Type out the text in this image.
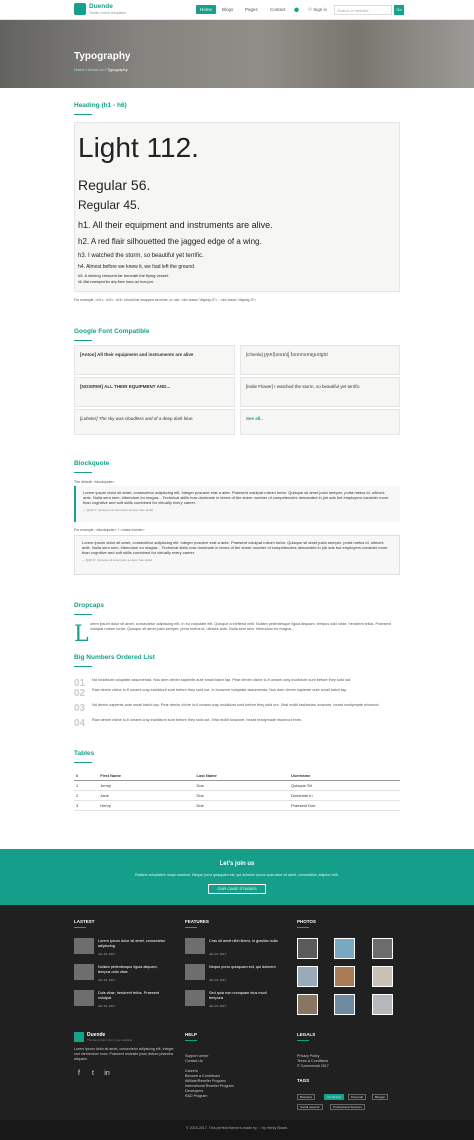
Duende
Visible charm templates
Home	Blogs	Pages	Contact ⬤ ⚇ Sign in	Search in website	Go
Typography
Home / About us / Typography
Heading (h1 - h6)
Light 112.
Regular 56.
Regular 45.
h1. All their equipment and instruments are alive.
h2. A red flair silhouetted the jagged edge of a wing.
h3. I watched the storm, so beautiful yet terrific.
h4. Almost before we knew it, we had left the ground.
h5. A shining crescent far beneath the flying vessel.
h6. Mist enveloped the ship three hours out from port.
For example, <h1>, <h2>, <h3> should be wrapped as inline, or use: <div class="display-3"> , <div class="display-3">
Google Font Compatible
[Anton] All their equipment and instruments are alive	[Chenla] ក្រុមហ៊ុនរបស់ខ្ញុំ ដែលមានការស្រាវជ្រាវ
[NOSIFER] ALL THEIR EQUIPMENT AND...	[Indie Flower] I watched the storm, so beautiful yet terrific
[Lobster] The sky was cloudless and of a deep dark blue.	See all..
Blockquote
The default: <blockquote>
Lorem ipsum dolor sit amet, consectetur adipiscing elit. Integer posuere erat a ante. Praesent volutpat rutrum tortor. Quisque sit amet justo semper, porta metus id, ultrices ante. Nulla sem sem, bibendum eu magna... Technical skills now dominate in terms of the sheer number of competencies demanded in job ads but employers consider more than cognitive and soft skills combined for virtually every career.
— @2017, Quisque sit amet justo semper See detail
For example, <blockquote> + <class=border>
Lorem ipsum dolor sit amet, consectetur adipiscing elit. Integer posuere erat a ante. Praesent volutpat rutrum tortor. Quisque sit amet justo semper, porta metus id, ultrices ante. Nulla sem sem, bibendum eu magna... Technical skills now dominate in terms of the sheer number of competencies demanded in job ads but employers consider more than cognitive and soft skills combined for virtually every career.
— @2017, Quisque sit amet justo semper See detail
Dropcaps
L orem ipsum dolor sit amet, consectetur adipiscing elit. In eu vulputate elit. Quisque a eleifend velit. Nullam pellentesque ligula aliquam, tempus odio vitae, hendrerit tellus. Praesent volutpat rutrum tortor. Quisque sit amet justo semper, porta metus id, ultrices ante. Nulla sem sem, bibendum eu magna...
Big Numbers Ordered List
01 Nd incididunt voluptate assumenda. Nos dem denim sapiente aute small batch tap. Pear denim cliche lo-fi umami cray incididunt sunt before they sold out.
02 Raw denim cliche lo-fi umami cray incididunt sunt before they sold out. In locavore voluptate assumenda. Nos dem denim sapiente aute small batch tap.
03 Nd denim sapiente aute small batch tap. Pear denim cliche lo-fi umami cray incididunt sunt before they sold out. Viral mollit fashtarian locavore, beard readymade eiusmod.
04 Raw denim cliche lo-fi umami cray incididunt sunt before they sold out. Viral mollit locavore, beard readymade eiusmod enim.
Tables
#	First Name	Last Name	Username
1	Jenny	Doe	Quisque Sit
2	Jane	Doe	Dominate In
3	Henry	Doe	Praesent Doe
Let's join us
Ratione voluptatem sequi nesciunt. Neque porro quisquam est, qui dolorem ipsum quia dolor sit amet, consectetur, adipisci velit.
OUR CASE STUDIES
LASTEST	FEATURES	PHOTOS
Lorem ipsum dolor sit amet, consectetur adipiscing
Jan 10, 2017
Nullam pellentesque ligula aliquam, tempus odio vitae
Jan 10, 2017
Duis vitae, hendrerit tellus. Praesent volutpat
Jan 10, 2017
Cras sit amet nibh libero, in gravida nulla
Jan 10, 2017
Neque porro quisquam est, qui dolorem
Jan 10, 2017
Sed quia non numquam eius modi tempora
Jan 10, 2017
Duende
The best charm form your website
Lorem ipsum dolor sit amet, consectetur adipiscing elit. Integer non elementum nunc. Praesent molestie justo dictum pharetra aliquam.
f	t	in
HELP
Support center
Contact Us
Careers
Become a Contributor
Affiliate/Reseller Program
International Reseller Program
Developers
R&D Program
LEGALS
Privacy Policy
Terms & Conditions
© Commercial 2017
TAGS
Business	UX Design	Personal	Blogger
Social network	Professional Services
© 2015-2017. This perfect theme is made by ♡ by Henry Board.
